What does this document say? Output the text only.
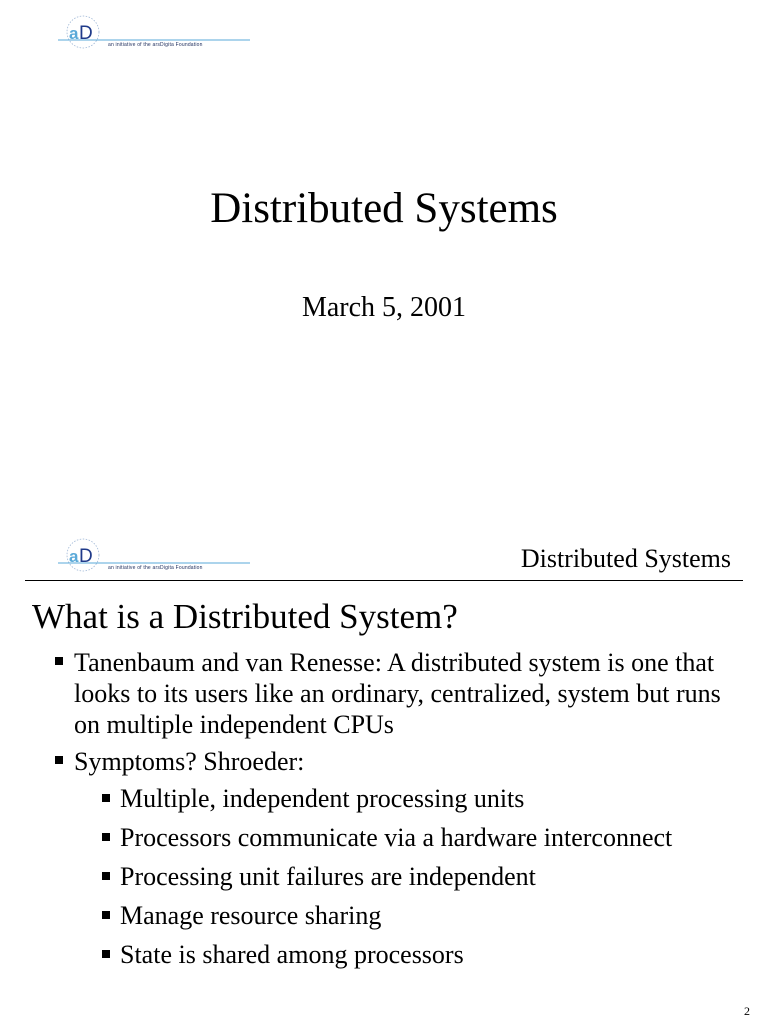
a D
an initiative of the arsDigita Foundation
Distributed Systems
March 5, 2001
a D
an initiative of the arsDigita Foundation	Distributed Systems
What is a Distributed System?
Tanenbaum and van Renesse: A distributed system is one that looks to its users like an ordinary, centralized, system but runs on multiple independent CPUs
Symptoms? Shroeder:
Multiple, independent processing units
Processors communicate via a hardware interconnect
Processing unit failures are independent
Manage resource sharing
State is shared among processors
2
